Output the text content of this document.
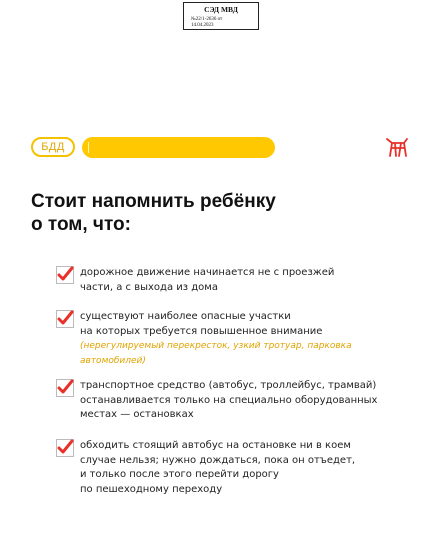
СЭД МВД
№22/1-2636 от
14.04.2023
БДД
Стоит напомнить ребёнку
о том, что:
дорожное движение начинается не с проезжей
части, а с выхода из дома
существуют наиболее опасные участки
на которых требуется повышенное внимание
(нерегулируемый перекресток, узкий тротуар, парковка
автомобилей)
транспортное средство (автобус, троллейбус, трамвай)
останавливается только на специально оборудованных
местах — остановках
обходить стоящий автобус на остановке ни в коем
случае нельзя; нужно дождаться, пока он отъедет,
и только после этого перейти дорогу
по пешеходному переходу
